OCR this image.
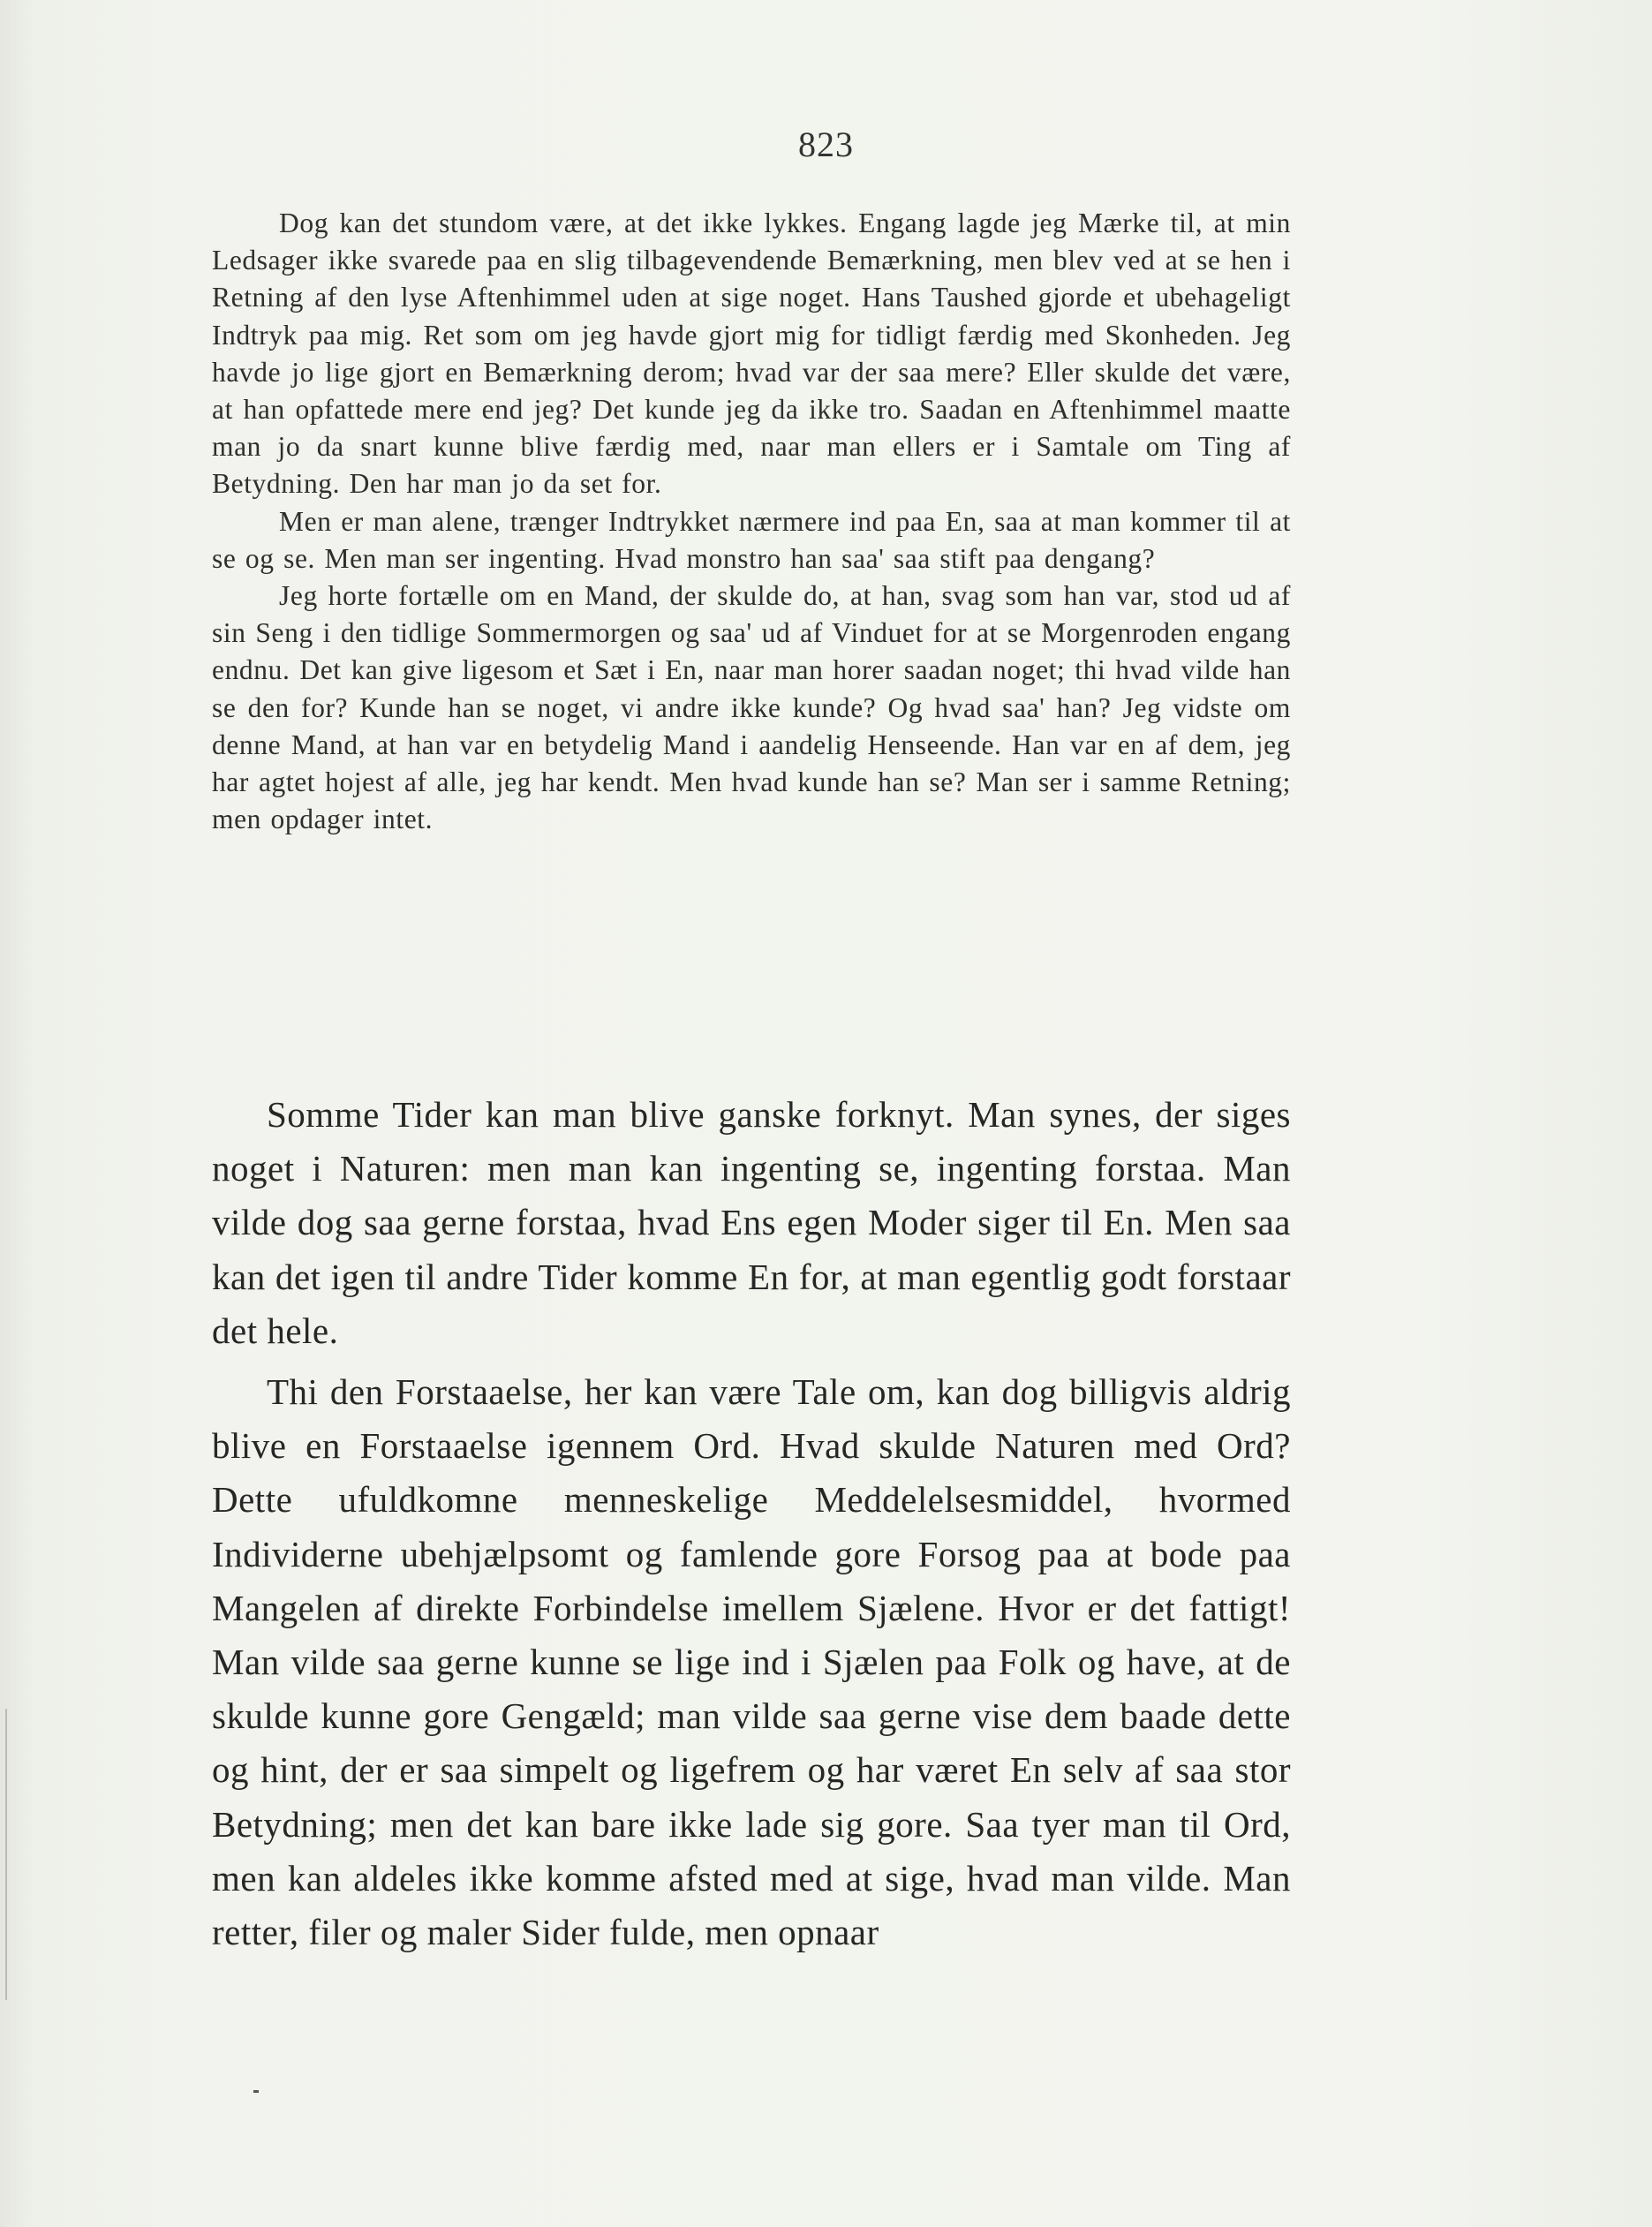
823

Dog kan det stundom være, at det ikke lykkes. Engang lagde jeg Mærke til, at min Ledsager ikke svarede paa en slig tilbagevendende Bemærkning, men blev ved at se hen i Retning af den lyse Aftenhimmel uden at sige noget. Hans Taushed gjorde et ubehageligt Indtryk paa mig. Ret som om jeg havde gjort mig for tidligt færdig med Skonheden. Jeg havde jo lige gjort en Bemærkning derom; hvad var der saa mere? Eller skulde det være, at han opfattede mere end jeg? Det kunde jeg da ikke tro. Saadan en Aftenhimmel maatte man jo da snart kunne blive færdig med, naar man ellers er i Samtale om Ting af Betydning. Den har man jo da set for.

Men er man alene, trænger Indtrykket nærmere ind paa En, saa at man kommer til at se og se. Men man ser ingenting. Hvad monstro han saa' saa stift paa dengang?

Jeg horte fortælle om en Mand, der skulde do, at han, svag som han var, stod ud af sin Seng i den tidlige Sommermorgen og saa' ud af Vinduet for at se Morgenroden engang endnu. Det kan give ligesom et Sæt i En, naar man horer saadan noget; thi hvad vilde han se den for? Kunde han se noget, vi andre ikke kunde? Og hvad saa' han? Jeg vidste om denne Mand, at han var en betydelig Mand i aandelig Henseende. Han var en af dem, jeg har agtet hojest af alle, jeg har kendt. Men hvad kunde han se? Man ser i samme Retning; men opdager intet.

Somme Tider kan man blive ganske forknyt. Man synes, der siges noget i Naturen: men man kan ingenting se, ingenting forstaa. Man vilde dog saa gerne forstaa, hvad Ens egen Moder siger til En. Men saa kan det igen til andre Tider komme En for, at man egentlig godt forstaar det hele.

Thi den Forstaaelse, her kan være Tale om, kan dog billigvis aldrig blive en Forstaaelse igennem Ord. Hvad skulde Naturen med Ord? Dette ufuldkomne menneskelige Meddelelsesmiddel, hvormed Individerne ubehjælpsomt og famlende gore Forsog paa at bode paa Mangelen af direkte Forbindelse imellem Sjælene. Hvor er det fattigt! Man vilde saa gerne kunne se lige ind i Sjælen paa Folk og have, at de skulde kunne gore Gengæld; man vilde saa gerne vise dem baade dette og hint, der er saa simpelt og ligefrem og har været En selv af saa stor Betydning; men det kan bare ikke lade sig gore. Saa tyer man til Ord, men kan aldeles ikke komme afsted med at sige, hvad man vilde. Man retter, filer og maler Sider fulde, men opnaar
